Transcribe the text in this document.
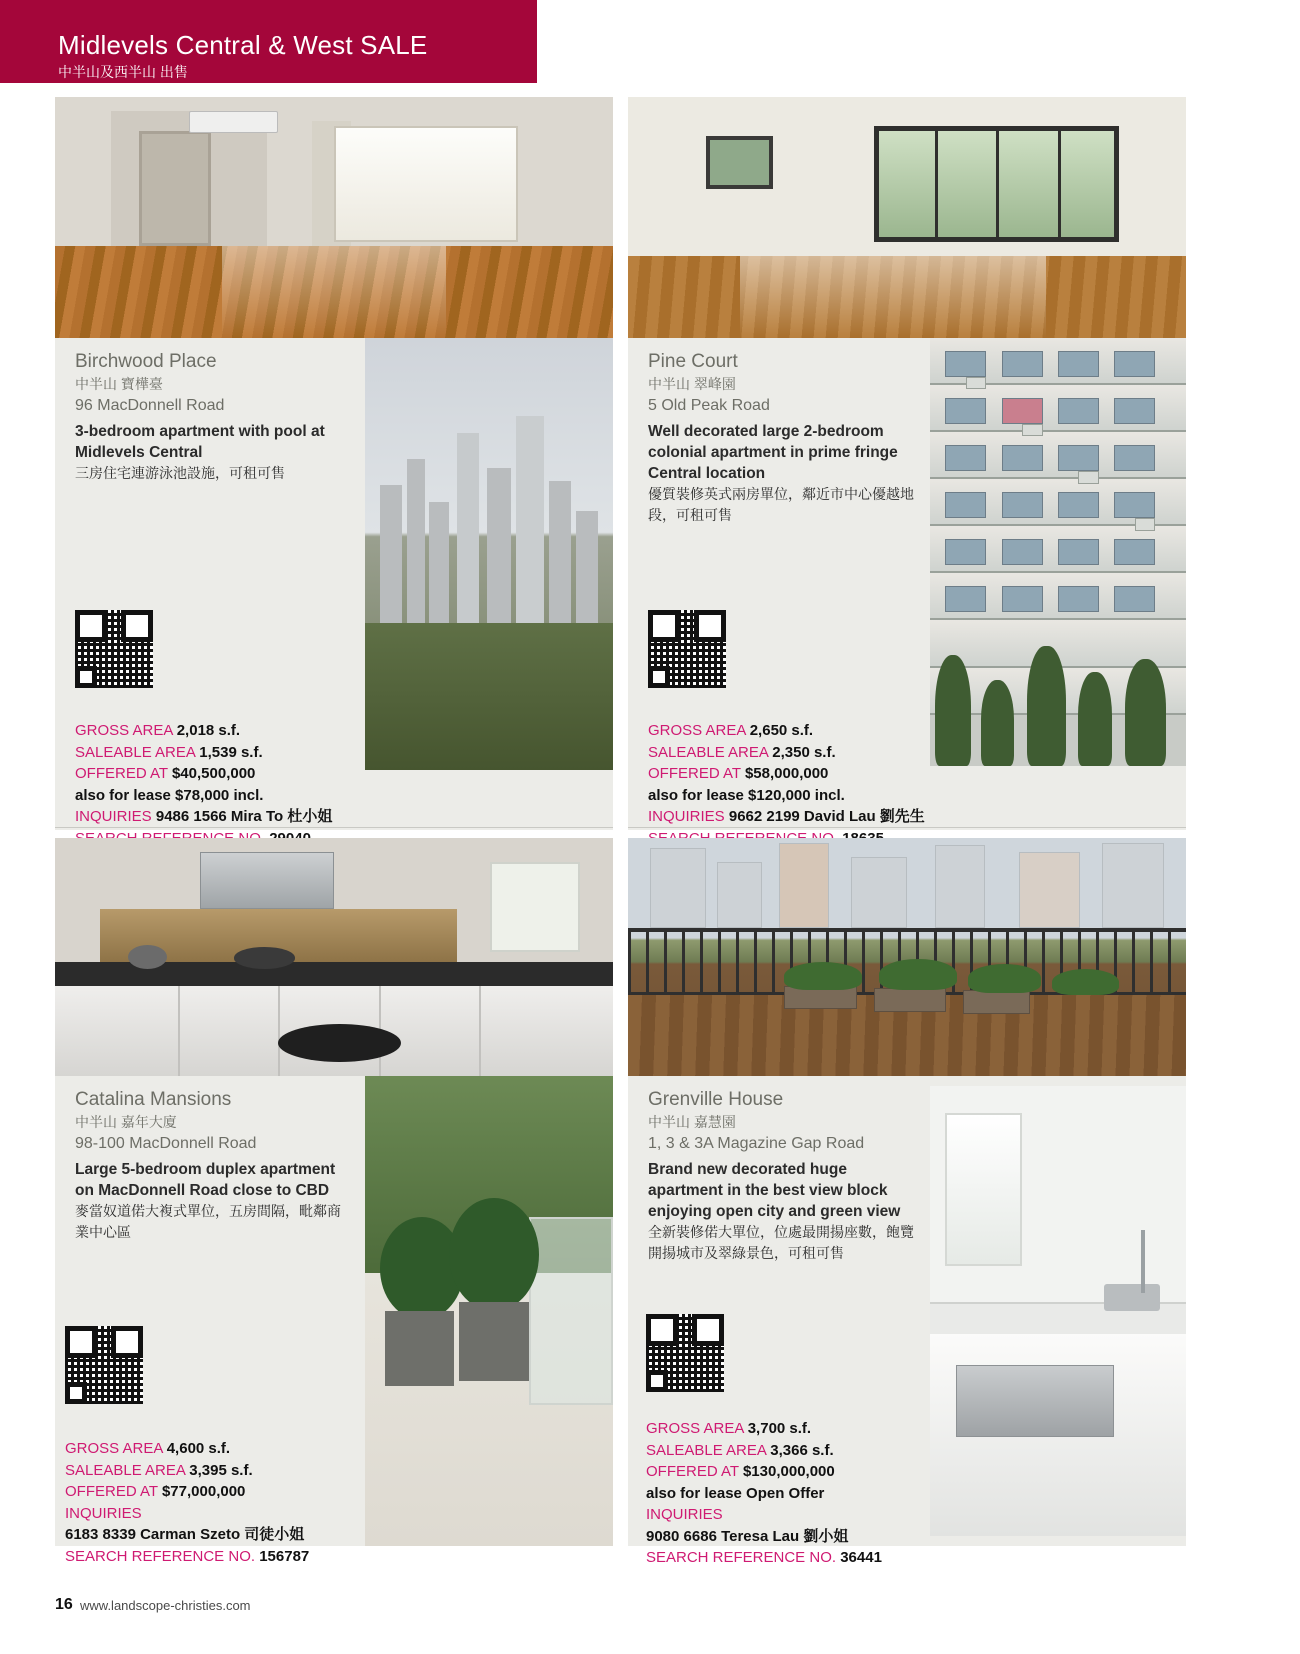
Midlevels Central & West SALE
中半山及西半山 出售
Birchwood Place
中半山 寶樺臺
96 MacDonnell Road
3-bedroom apartment with pool at Midlevels Central
三房住宅連游泳池設施，可租可售
GROSS AREA 2,018 s.f.
SALEABLE AREA 1,539 s.f.
OFFERED AT $40,500,000
also for lease $78,000 incl.
INQUIRIES 9486 1566 Mira To 杜小姐
Pine Court
中半山 翠峰園
5 Old Peak Road
Well decorated large 2-bedroom colonial apartment in prime fringe Central location
優質裝修英式兩房單位，鄰近市中心優越地段，可租可售
GROSS AREA 2,650 s.f.
SALEABLE AREA 2,350 s.f.
OFFERED AT $58,000,000
also for lease $120,000 incl.
INQUIRIES 9662 2199 David Lau 劉先生
Catalina Mansions
中半山 嘉年大廈
98-100 MacDonnell Road
Large 5-bedroom duplex apartment on MacDonnell Road close to CBD
麥當奴道偌大複式單位，五房間隔，毗鄰商業中心區
GROSS AREA 4,600 s.f.
SALEABLE AREA 3,395 s.f.
OFFERED AT $77,000,000
INQUIRIES
6183 8339 Carman Szeto 司徒小姐
SEARCH REFERENCE NO. 156787
Grenville House
中半山 嘉慧園
1, 3 & 3A Magazine Gap Road
Brand new decorated huge apartment in the best view block enjoying open city and green view
全新裝修偌大單位，位處最開揚座數，飽覽開揚城市及翠綠景色，可租可售
GROSS AREA 3,700 s.f.
SALEABLE AREA 3,366 s.f.
OFFERED AT $130,000,000
also for lease Open Offer
INQUIRIES
9080 6686 Teresa Lau 劉小姐
SEARCH REFERENCE NO. 36441
16 www.landscope-christies.com
